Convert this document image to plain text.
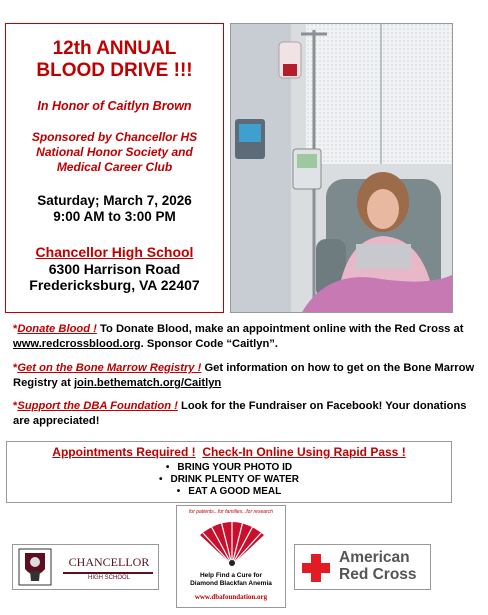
12th ANNUAL
BLOOD DRIVE !!!
In Honor of Caitlyn Brown
Sponsored by Chancellor HS
National Honor Society and
Medical Career Club
Saturday; March 7, 2026
9:00 AM to 3:00 PM
Chancellor High School
6300 Harrison Road
Fredericksburg, VA 22407
*Donate Blood ! To Donate Blood, make an appointment online with the Red Cross at www.redcrossblood.org. Sponsor Code “Caitlyn”.
*Get on the Bone Marrow Registry ! Get information on how to get on the Bone Marrow Registry at join.bethematch.org/Caitlyn
*Support the DBA Foundation ! Look for the Fundraiser on Facebook! Your donations are appreciated!
Appointments Required ! Check-In Online Using Rapid Pass !
• BRING YOUR PHOTO ID
• DRINK PLENTY OF WATER
• EAT A GOOD MEAL
CHANCELLOR
HIGH SCHOOL
for patients...for families...for research
Help Find a Cure for
Diamond Blackfan Anemia
www.dbafoundation.org
American
Red Cross
